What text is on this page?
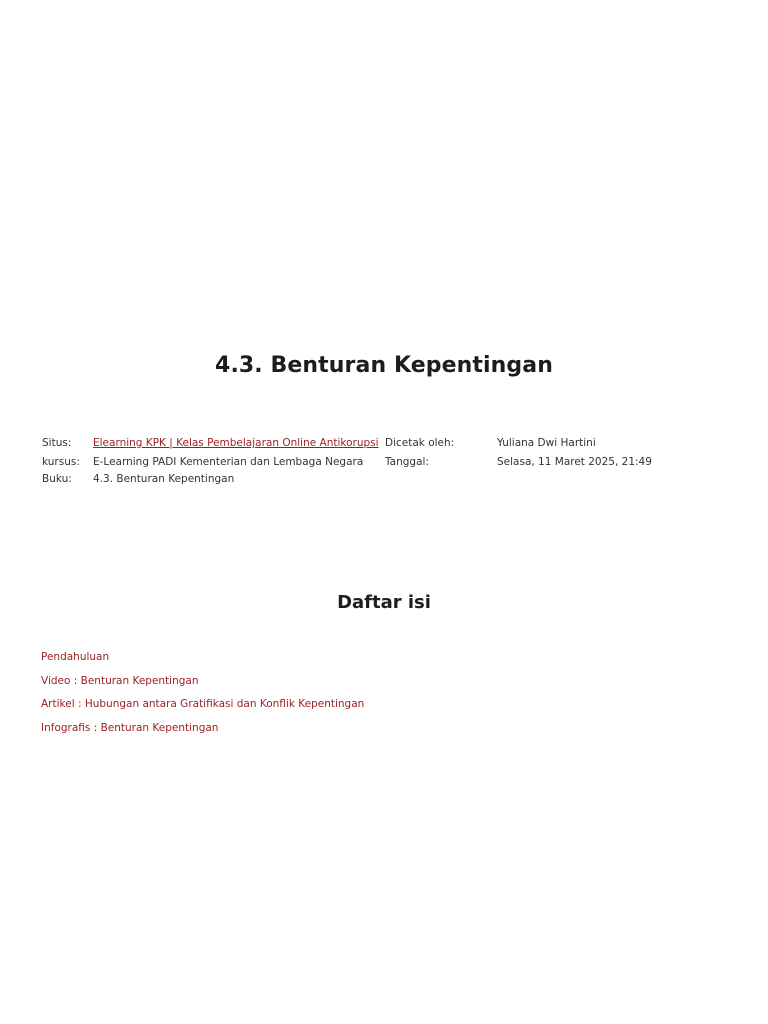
4.3. Benturan Kepentingan
Situs: Elearning KPK | Kelas Pembelajaran Online Antikorupsi Dicetak oleh:	Yuliana Dwi Hartini
kursus: E-Learning PADI Kementerian dan Lembaga Negara Tanggal:	Selasa, 11 Maret 2025, 21:49
Buku: 4.3. Benturan Kepentingan
Daftar isi
Pendahuluan
Video : Benturan Kepentingan
Artikel : Hubungan antara Gratifikasi dan Konflik Kepentingan
Infografis : Benturan Kepentingan
